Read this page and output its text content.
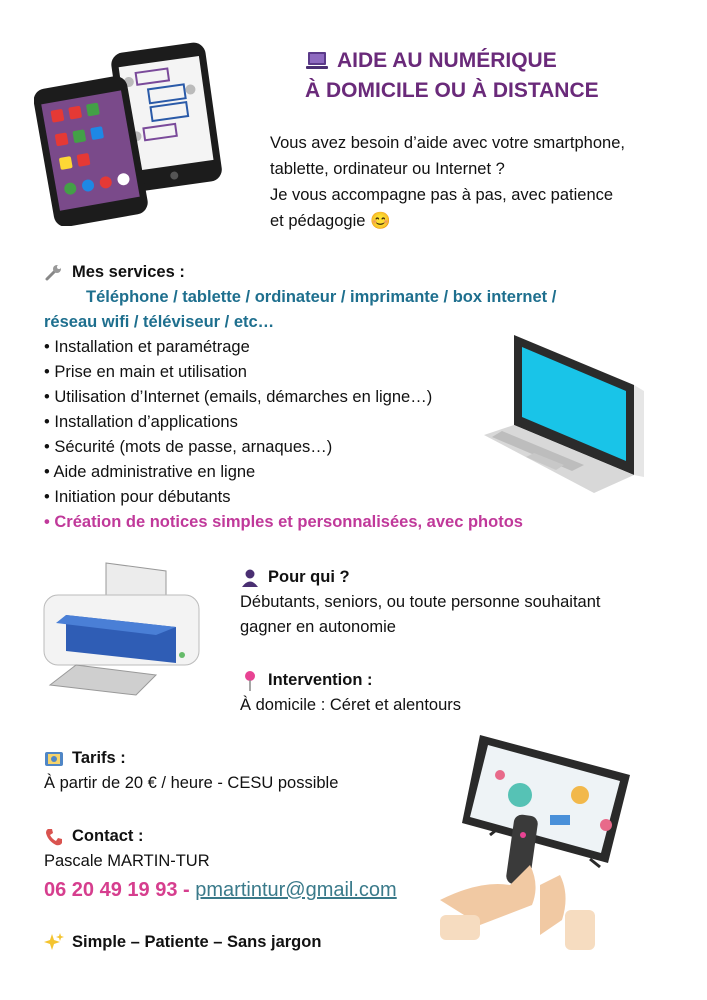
AIDE AU NUMÉRIQUE
À DOMICILE OU À DISTANCE

Vous avez besoin d’aide avec votre smartphone,

tablette, ordinateur ou Internet ?

Je vous accompagne pas à pas, avec patience

et pédagogie 😊

Mes services :
Téléphone / tablette / ordinateur / imprimante / box internet /
réseau wifi / téléviseur / etc…
• Installation et paramétrage
• Prise en main et utilisation
• Utilisation d’Internet (emails, démarches en ligne…)
• Installation d’applications
• Sécurité (mots de passe, arnaques…)
• Aide administrative en ligne
• Initiation pour débutants
• Création de notices simples et personnalisées, avec photos
Pour qui ?
Débutants, seniors, ou toute personne souhaitant
gagner en autonomie
Intervention :
À domicile : Céret et alentours
Tarifs :
À partir de 20 € / heure - CESU possible
Contact :
Pascale MARTIN-TUR
06 20 49 19 93 - pmartintur@gmail.com
Simple – Patiente – Sans jargon
